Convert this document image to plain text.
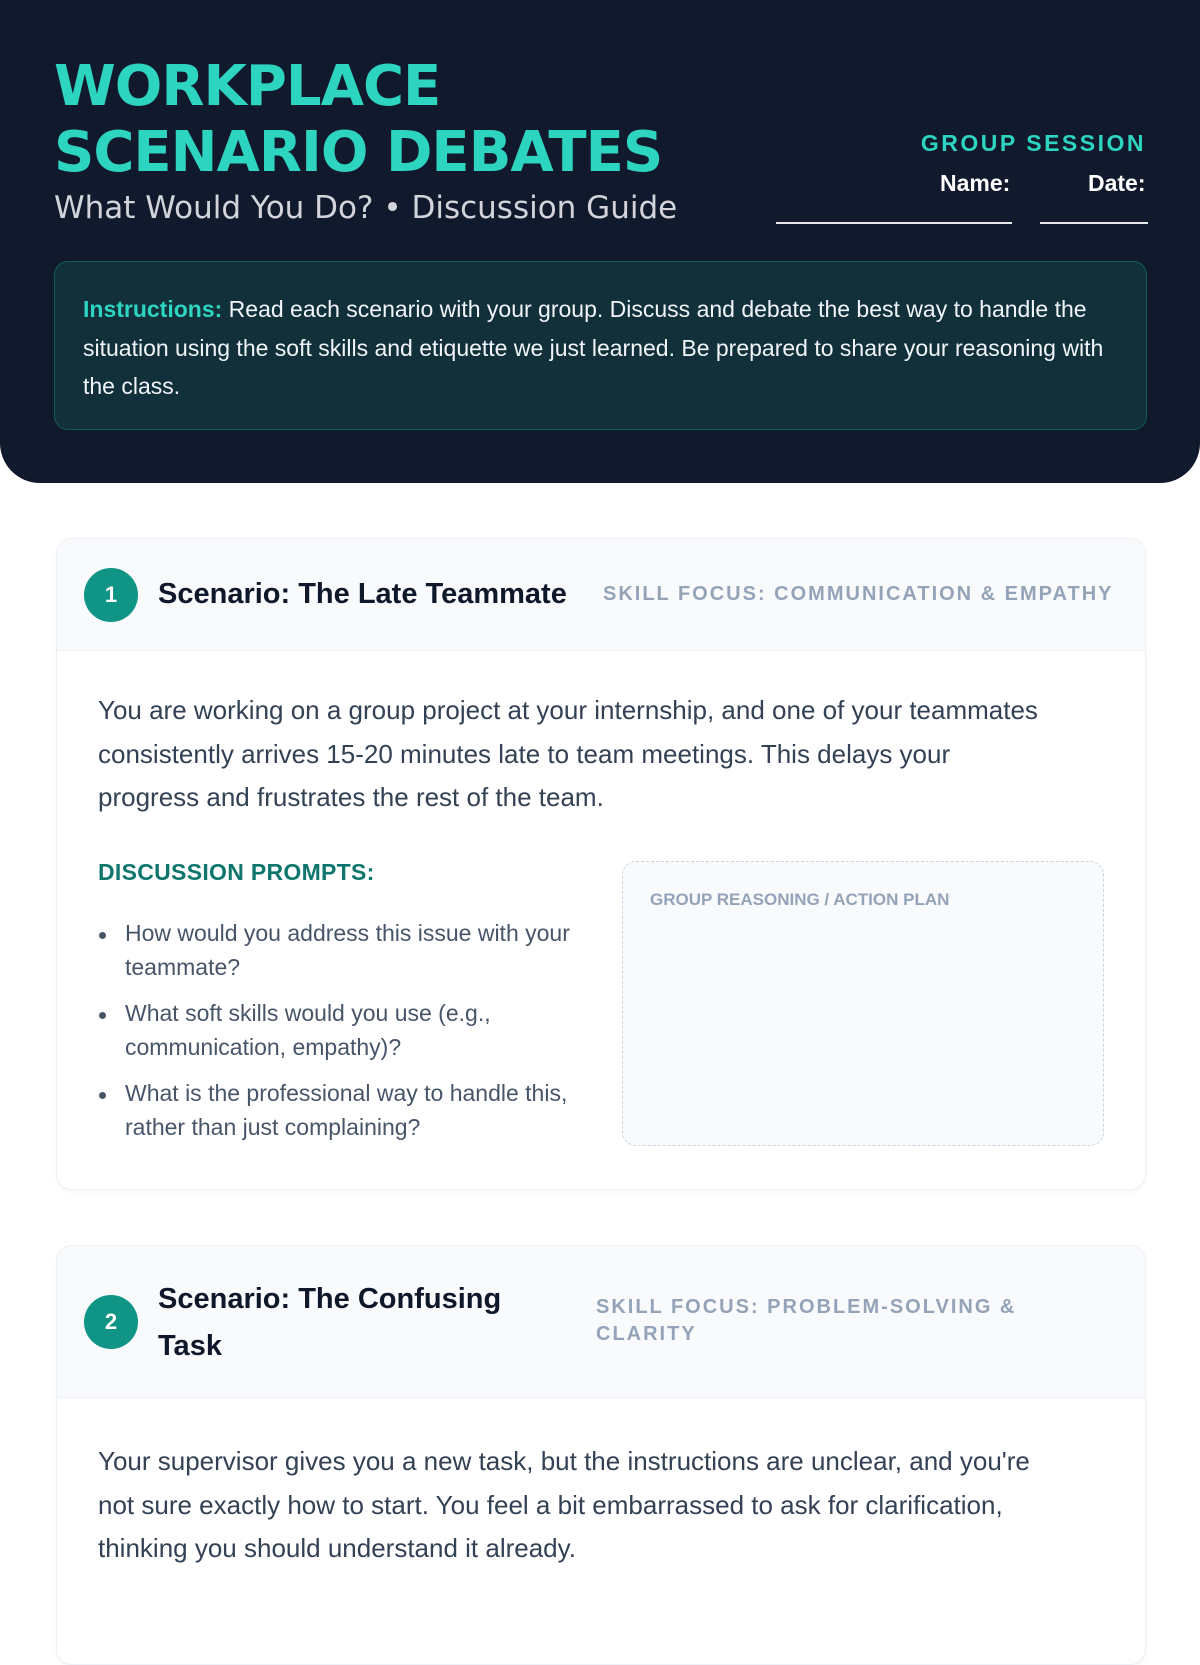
WORKPLACE
SCENARIO DEBATES
What Would You Do? • Discussion Guide
GROUP SESSION
Name:	Date:
Instructions: Read each scenario with your group. Discuss and debate the best way to handle the situation using the soft skills and etiquette we just learned. Be prepared to share your reasoning with the class.
1	Scenario: The Late Teammate SKILL FOCUS: COMMUNICATION & EMPATHY
You are working on a group project at your internship, and one of your teammates consistently arrives 15-20 minutes late to team meetings. This delays your progress and frustrates the rest of the team.
DISCUSSION PROMPTS:
How would you address this issue with your teammate?
What soft skills would you use (e.g., communication, empathy)?
What is the professional way to handle this, rather than just complaining?
GROUP REASONING / ACTION PLAN
2
Scenario: The Confusing Task
SKILL FOCUS: PROBLEM-SOLVING & CLARITY
Your supervisor gives you a new task, but the instructions are unclear, and you're not sure exactly how to start. You feel a bit embarrassed to ask for clarification, thinking you should understand it already.
